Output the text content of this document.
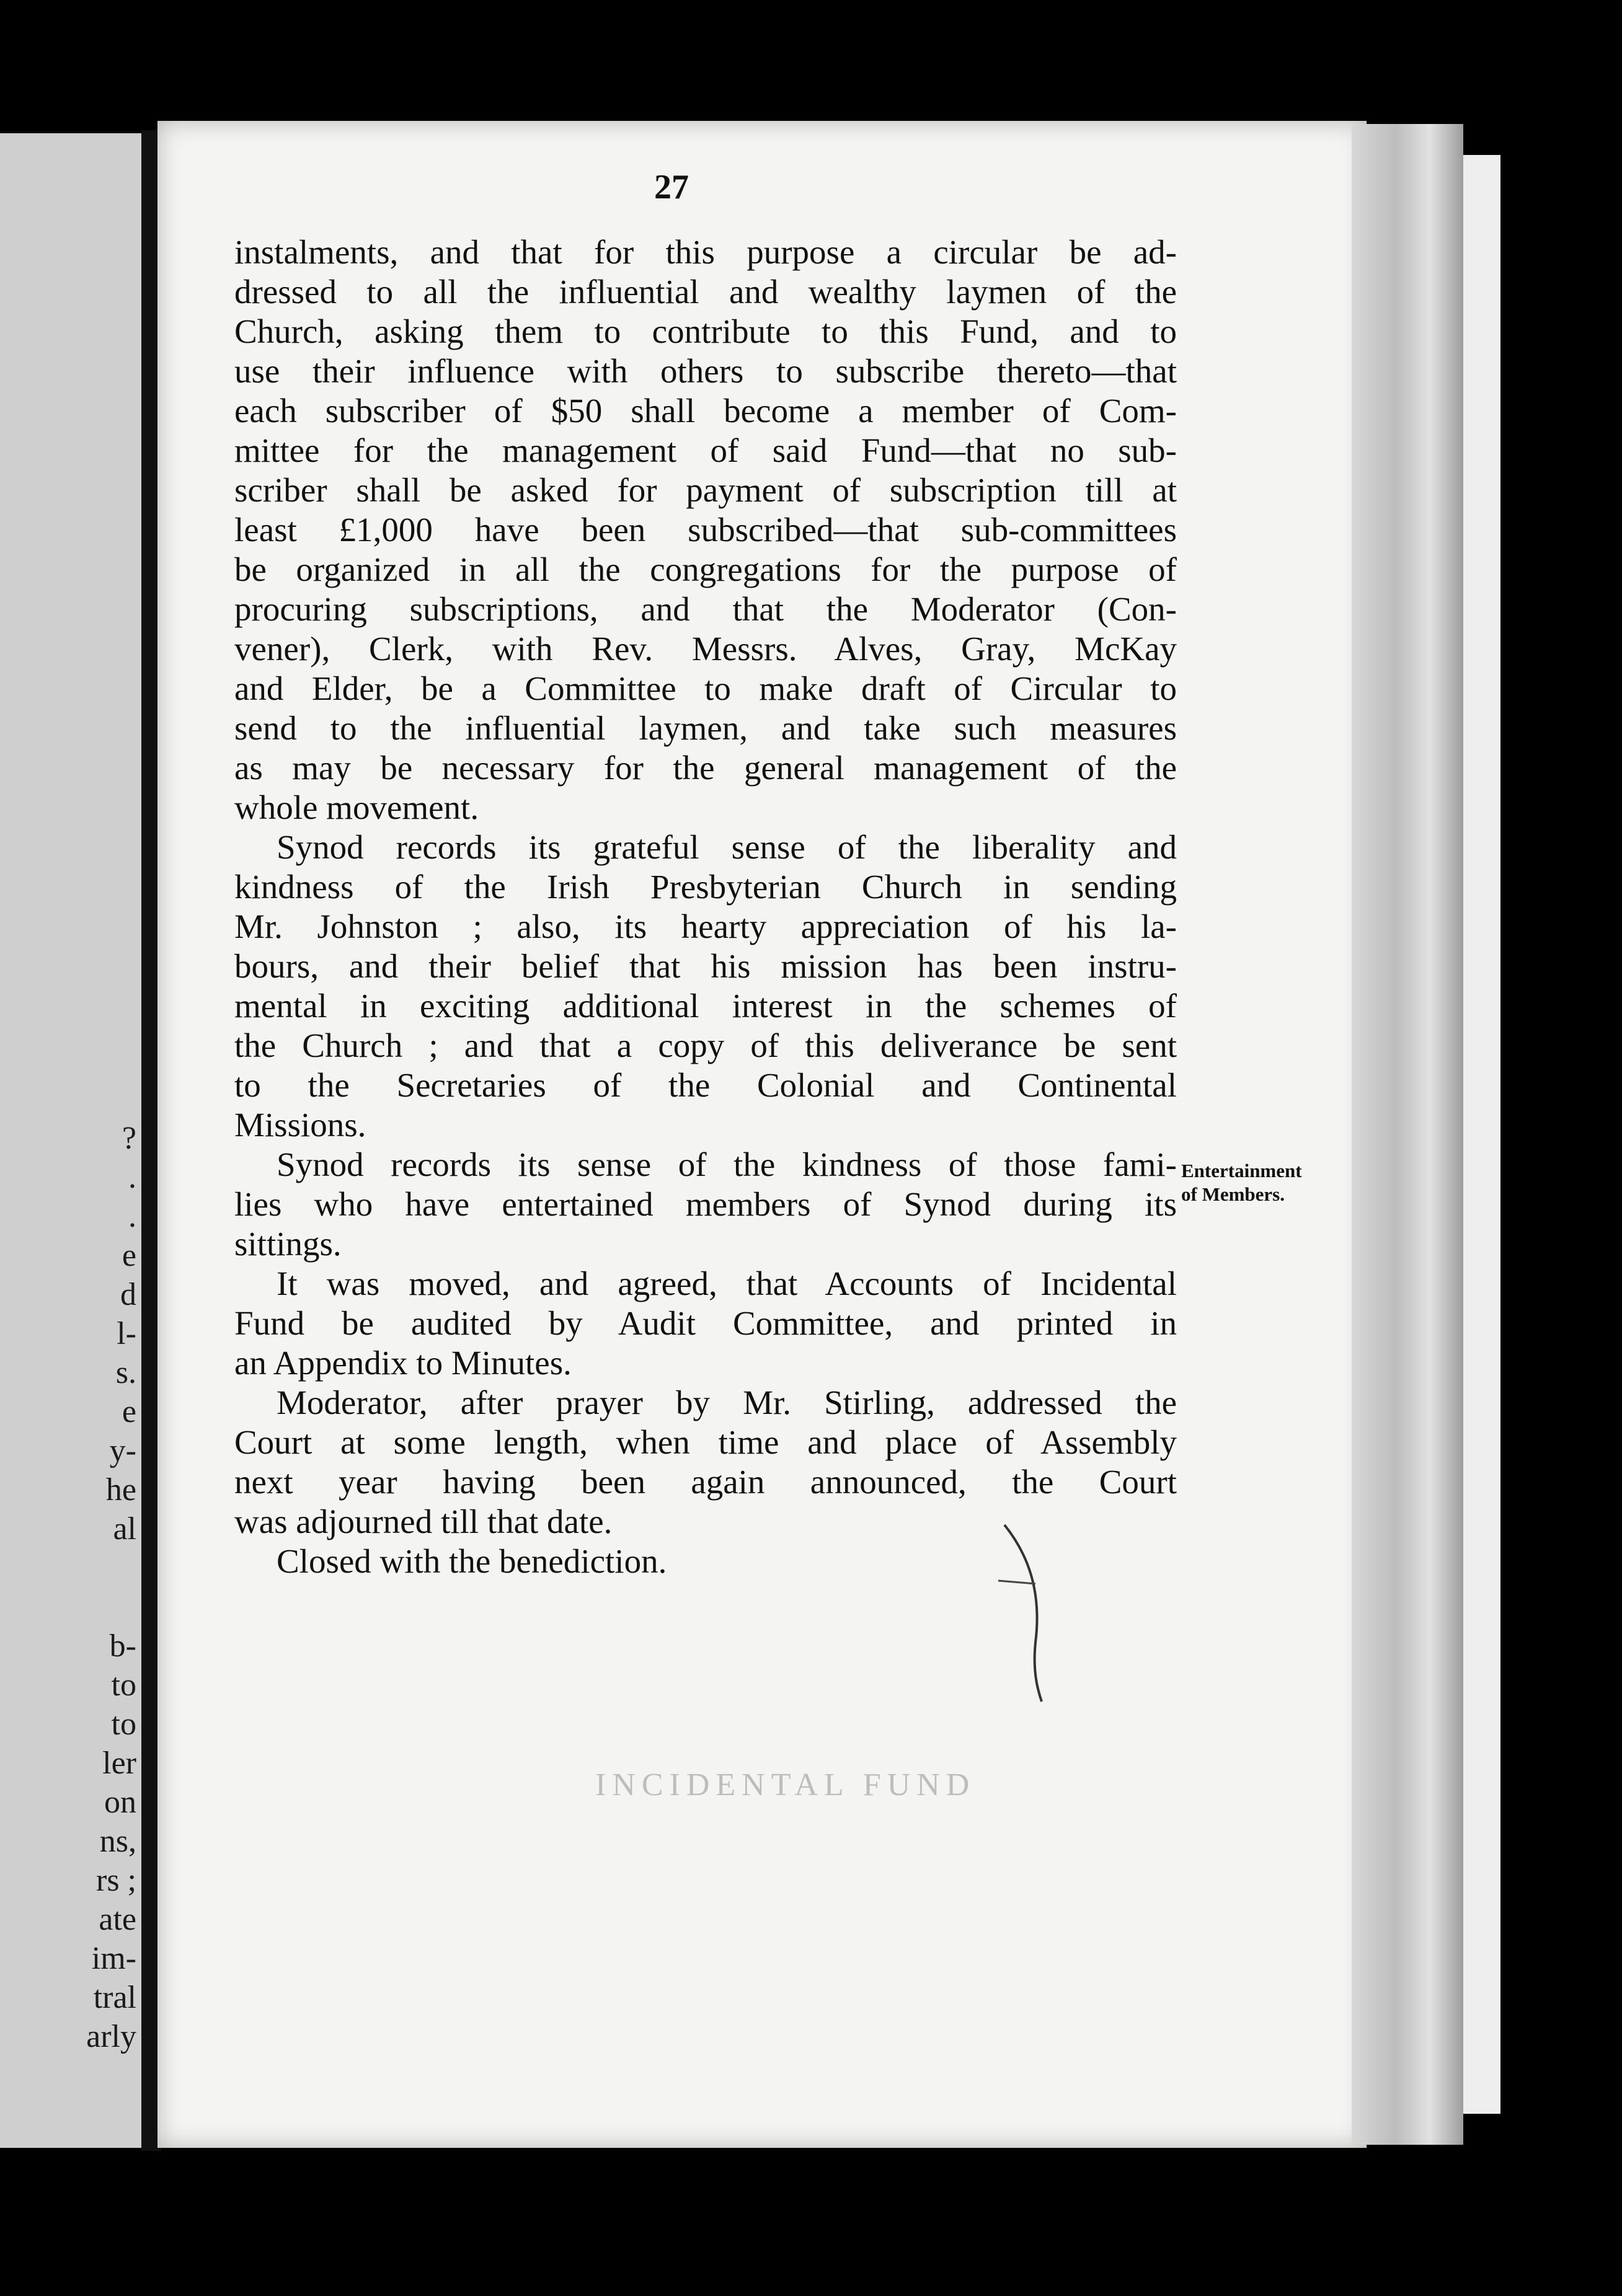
?
.
.
e
d
l-
s.
e
y-
he
al
b-
to
to
ler
on
ns,
rs ;
ate
im-
tral
arly
27
instalments, and that for this purpose a circular be ad-
dressed to all the influential and wealthy laymen of the
Church, asking them to contribute to this Fund, and to
use their influence with others to subscribe thereto—that
each subscriber of $50 shall become a member of Com-
mittee for the management of said Fund—that no sub-
scriber shall be asked for payment of subscription till at
least £1,000 have been subscribed—that sub-committees
be organized in all the congregations for the purpose of
procuring subscriptions, and that the Moderator (Con-
vener), Clerk, with Rev. Messrs. Alves, Gray, McKay
and Elder, be a Committee to make draft of Circular to
send to the influential laymen, and take such measures
as may be necessary for the general management of the
whole movement.
Synod records its grateful sense of the liberality and
kindness of the Irish Presbyterian Church in sending
Mr. Johnston ; also, its hearty appreciation of his la-
bours, and their belief that his mission has been instru-
mental in exciting additional interest in the schemes of
the Church ; and that a copy of this deliverance be sent
to the Secretaries of the Colonial and Continental
Missions.
Synod records its sense of the kindness of those fami-
lies who have entertained members of Synod during its
sittings.
It was moved, and agreed, that Accounts of Incidental
Fund be audited by Audit Committee, and printed in
an Appendix to Minutes.
Moderator, after prayer by Mr. Stirling, addressed the
Court at some length, when time and place of Assembly
next year having been again announced, the Court
was adjourned till that date.
Closed with the benediction.
Entertainment
of Members.
INCIDENTAL FUND
